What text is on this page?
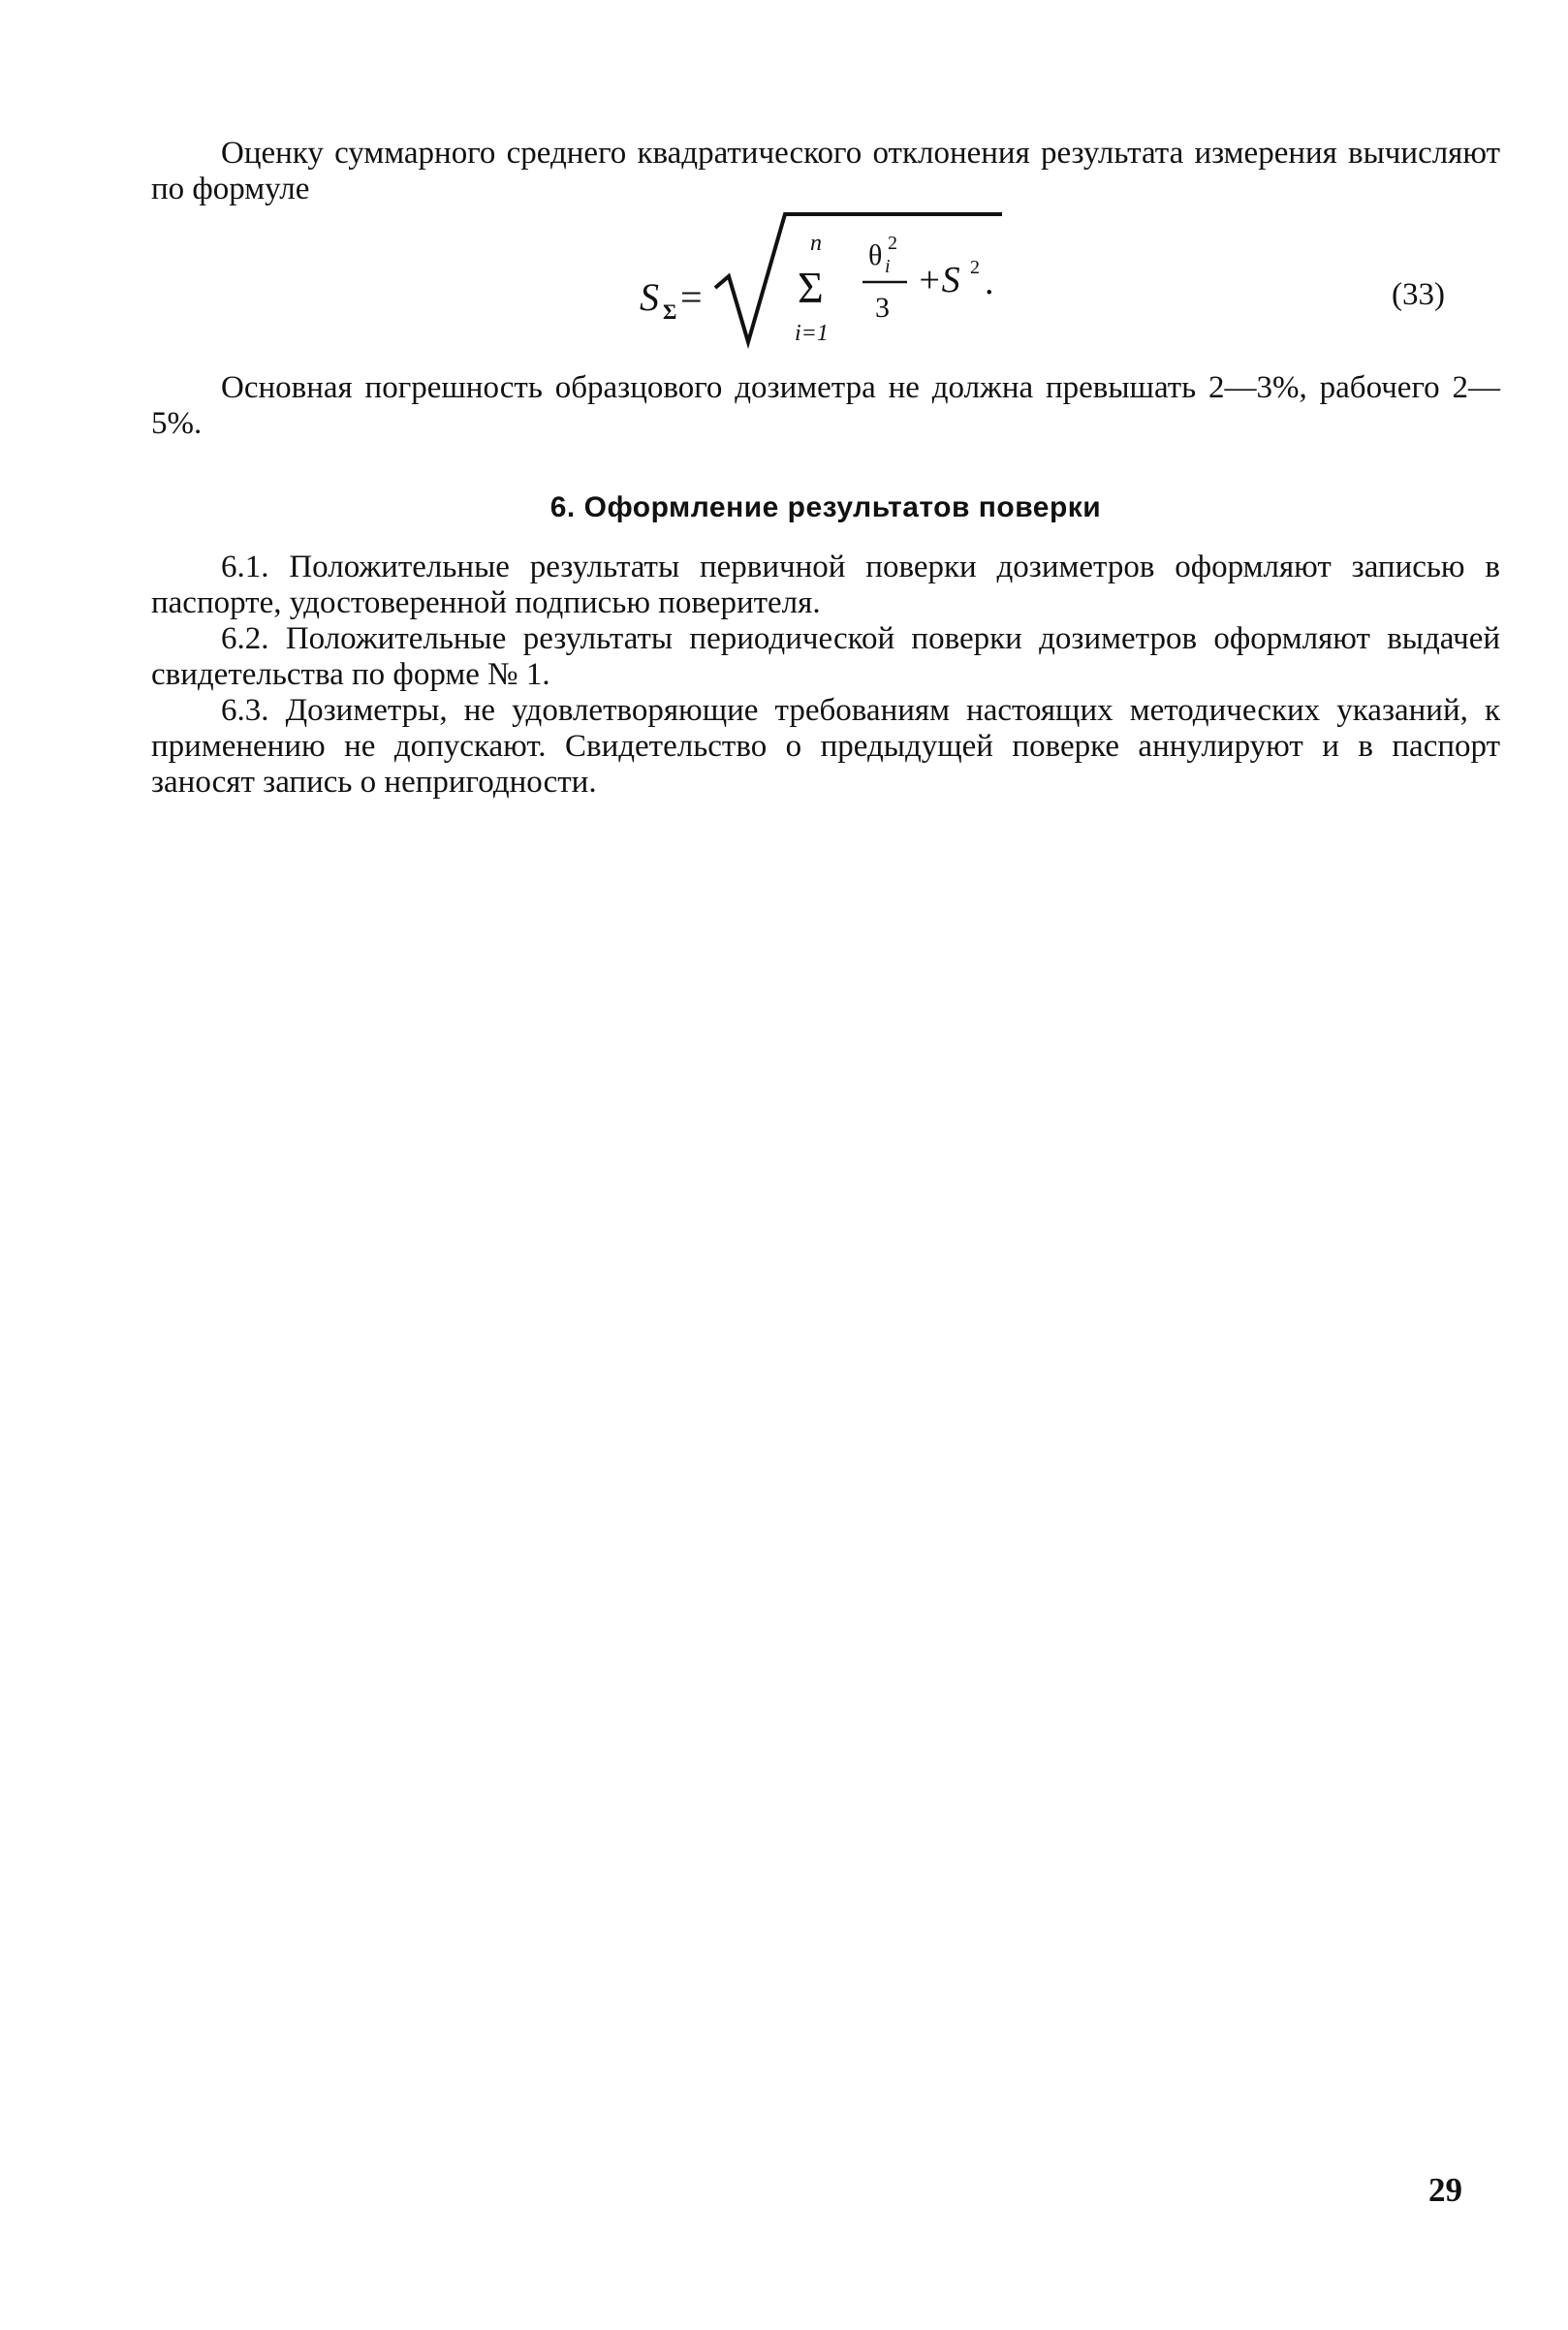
Оценку суммарного среднего квадратического отклонения результата измерения вычисляют по формуле

S Σ =
n
Σ
i=1
θ i
2
3
+S 2 .	(33)

Основная погрешность образцового дозиметра не должна превышать 2—3%, рабочего 2—5%.

6. Оформление результатов поверки

6.1. Положительные результаты первичной поверки дозиметров оформляют записью в паспорте, удостоверенной подписью поверителя.

6.2. Положительные результаты периодической поверки дозиметров оформляют выдачей свидетельства по форме № 1.

6.3. Дозиметры, не удовлетворяющие требованиям настоящих методических указаний, к применению не допускают. Свидетельство о предыдущей поверке аннулируют и в паспорт заносят запись о непригодности.

29
